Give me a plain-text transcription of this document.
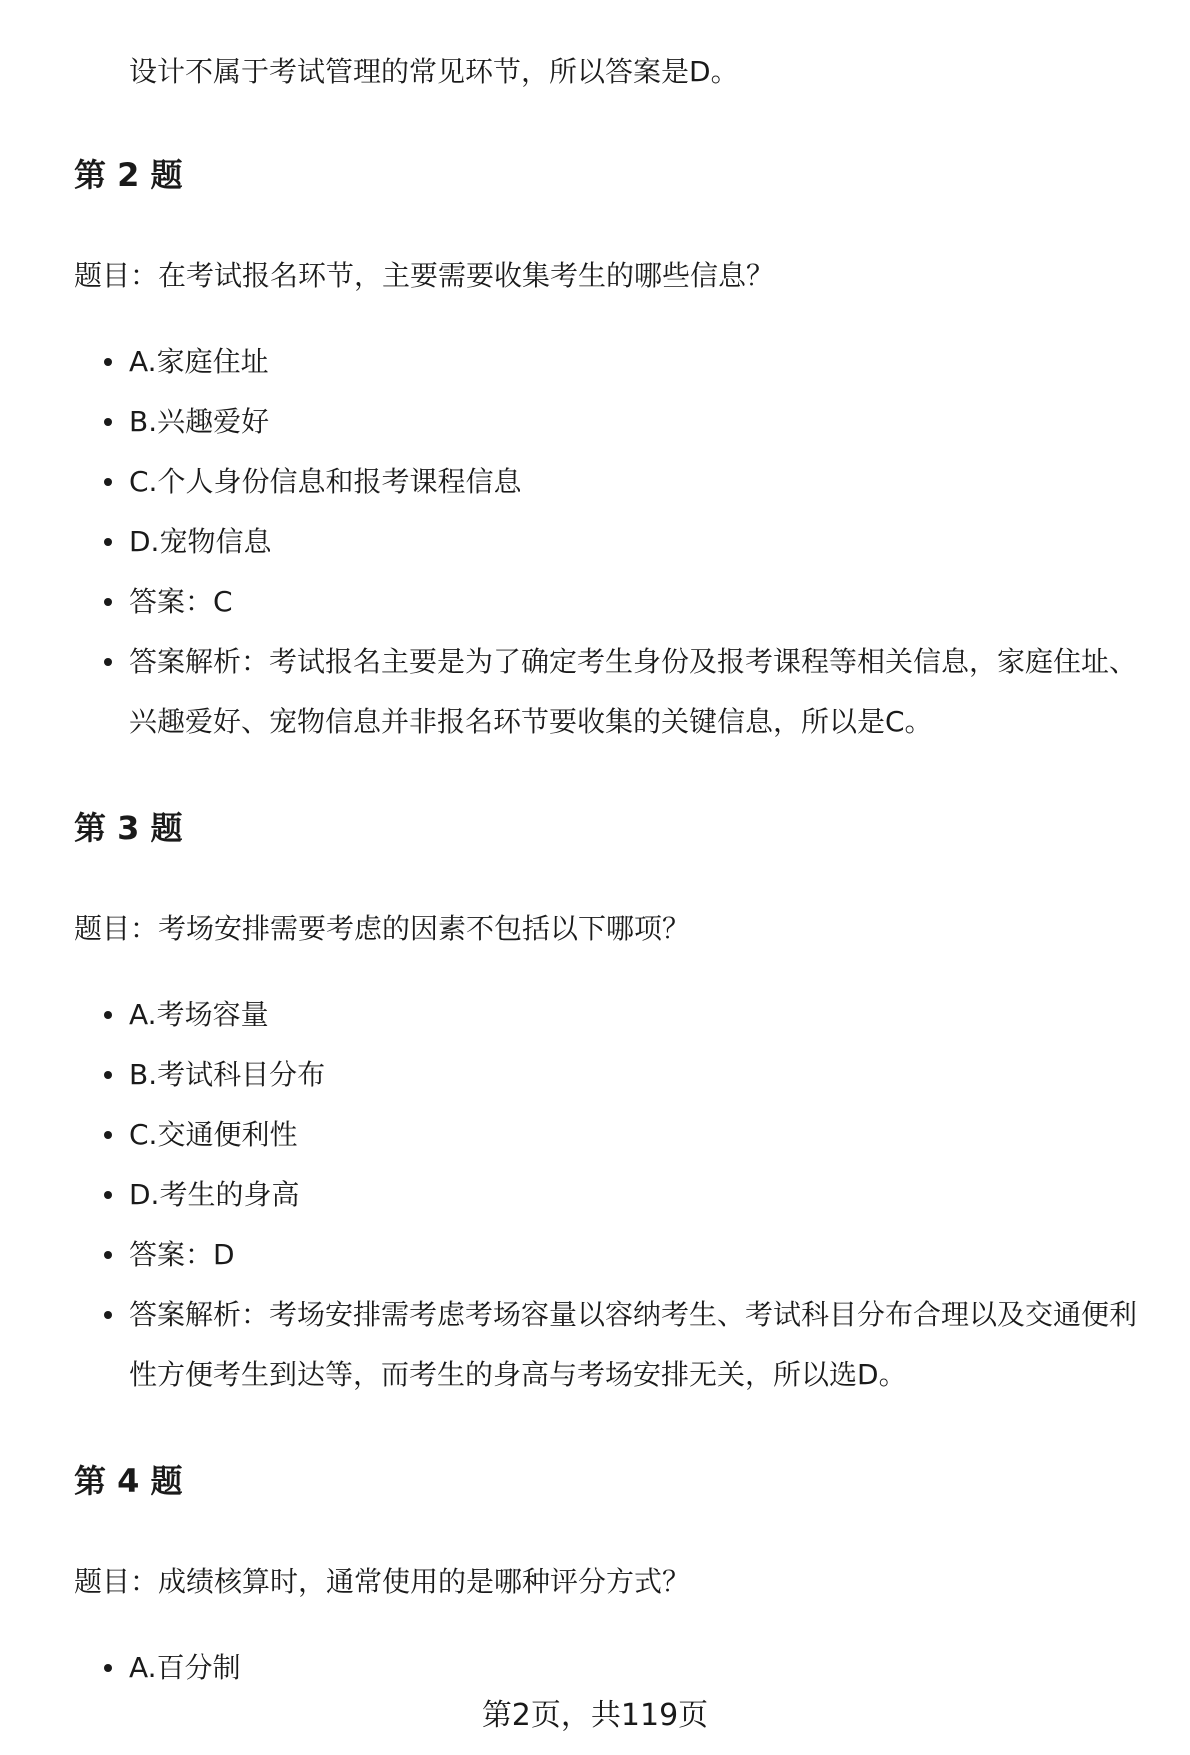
设计不属于考试管理的常见环节，所以答案是D。

第 2 题

题目：在考试报名环节，主要需要收集考生的哪些信息？

A.家庭住址
B.兴趣爱好
C.个人身份信息和报考课程信息
D.宠物信息
答案：C
答案解析：考试报名主要是为了确定考生身份及报考课程等相关信息，家庭住址、兴趣爱好、宠物信息并非报名环节要收集的关键信息，所以是C。
第 3 题

题目：考场安排需要考虑的因素不包括以下哪项？

A.考场容量
B.考试科目分布
C.交通便利性
D.考生的身高
答案：D
答案解析：考场安排需考虑考场容量以容纳考生、考试科目分布合理以及交通便利性方便考生到达等，而考生的身高与考场安排无关，所以选D。
第 4 题

题目：成绩核算时，通常使用的是哪种评分方式？

A.百分制

第2页，共119页
